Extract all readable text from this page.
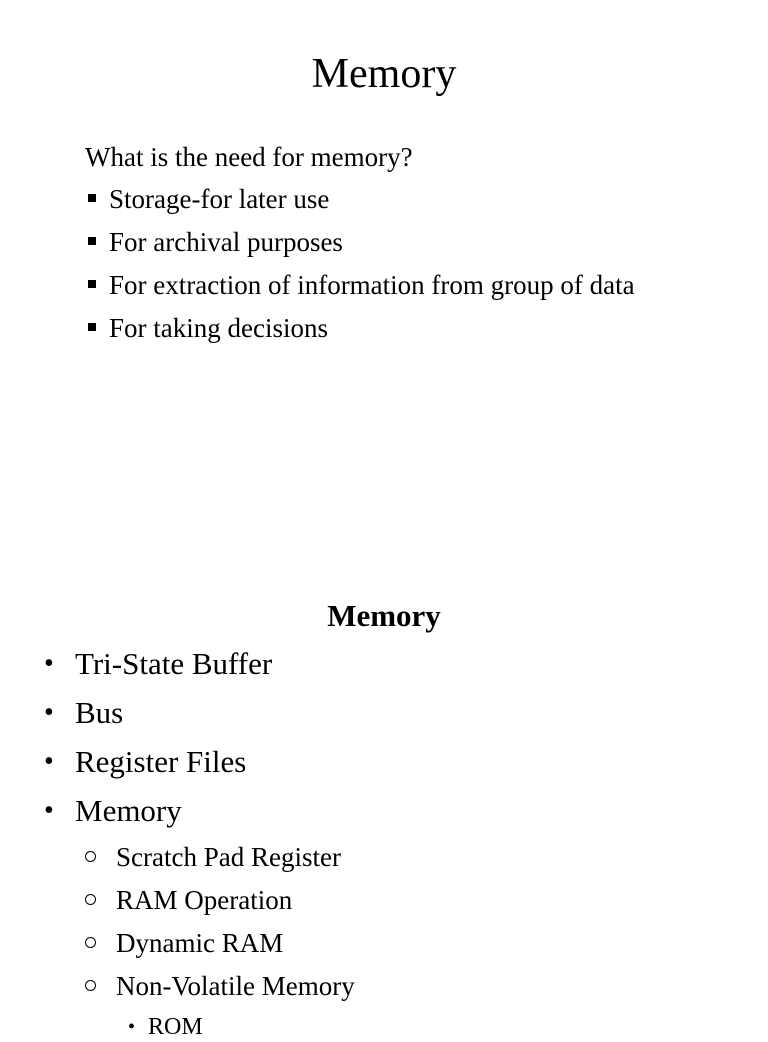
Memory
What is the need for memory?
Storage-for later use
For archival purposes
For extraction of information from group of data
For taking decisions
Memory
• Tri-State Buffer
• Bus
• Register Files
• Memory
Scratch Pad Register
RAM Operation
Dynamic RAM
Non-Volatile Memory
• ROM
